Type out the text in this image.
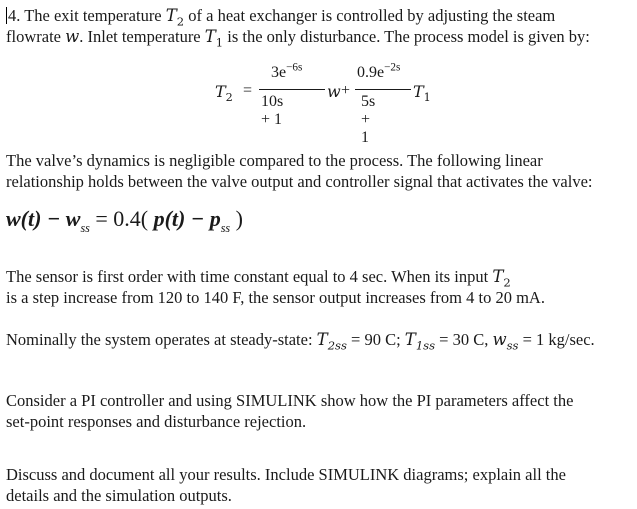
4. The exit temperature $T_2$ of a heat exchanger is controlled by adjusting the steam
flowrate w. Inlet temperature $T_1$ is the only disturbance. The process model is given by:
$T_2$ =
$3e^{-6s}$
10s + 1
w +
$0.9e^{-2s}$
5s + 1
$T_1$
The valve’s dynamics is negligible compared to the process. The following linear
relationship holds between the valve output and controller signal that activates the valve:
$w(t) - w_{ss} = 0.4$( $p(t) - p_{ss}$ )
The sensor is first order with time constant equal to 4 sec. When its input $T_2$
is a step increase from 120 to 140 F, the sensor output increases from 4 to 20 mA.
Nominally the system operates at steady-state: $T_{2ss} = 90$ C; $T_{1ss} = 30$ C, $w_{ss} = 1$ kg/sec.
Consider a PI controller and using SIMULINK show how the PI parameters affect the
set-point responses and disturbance rejection.
Discuss and document all your results. Include SIMULINK diagrams; explain all the
details and the simulation outputs.
